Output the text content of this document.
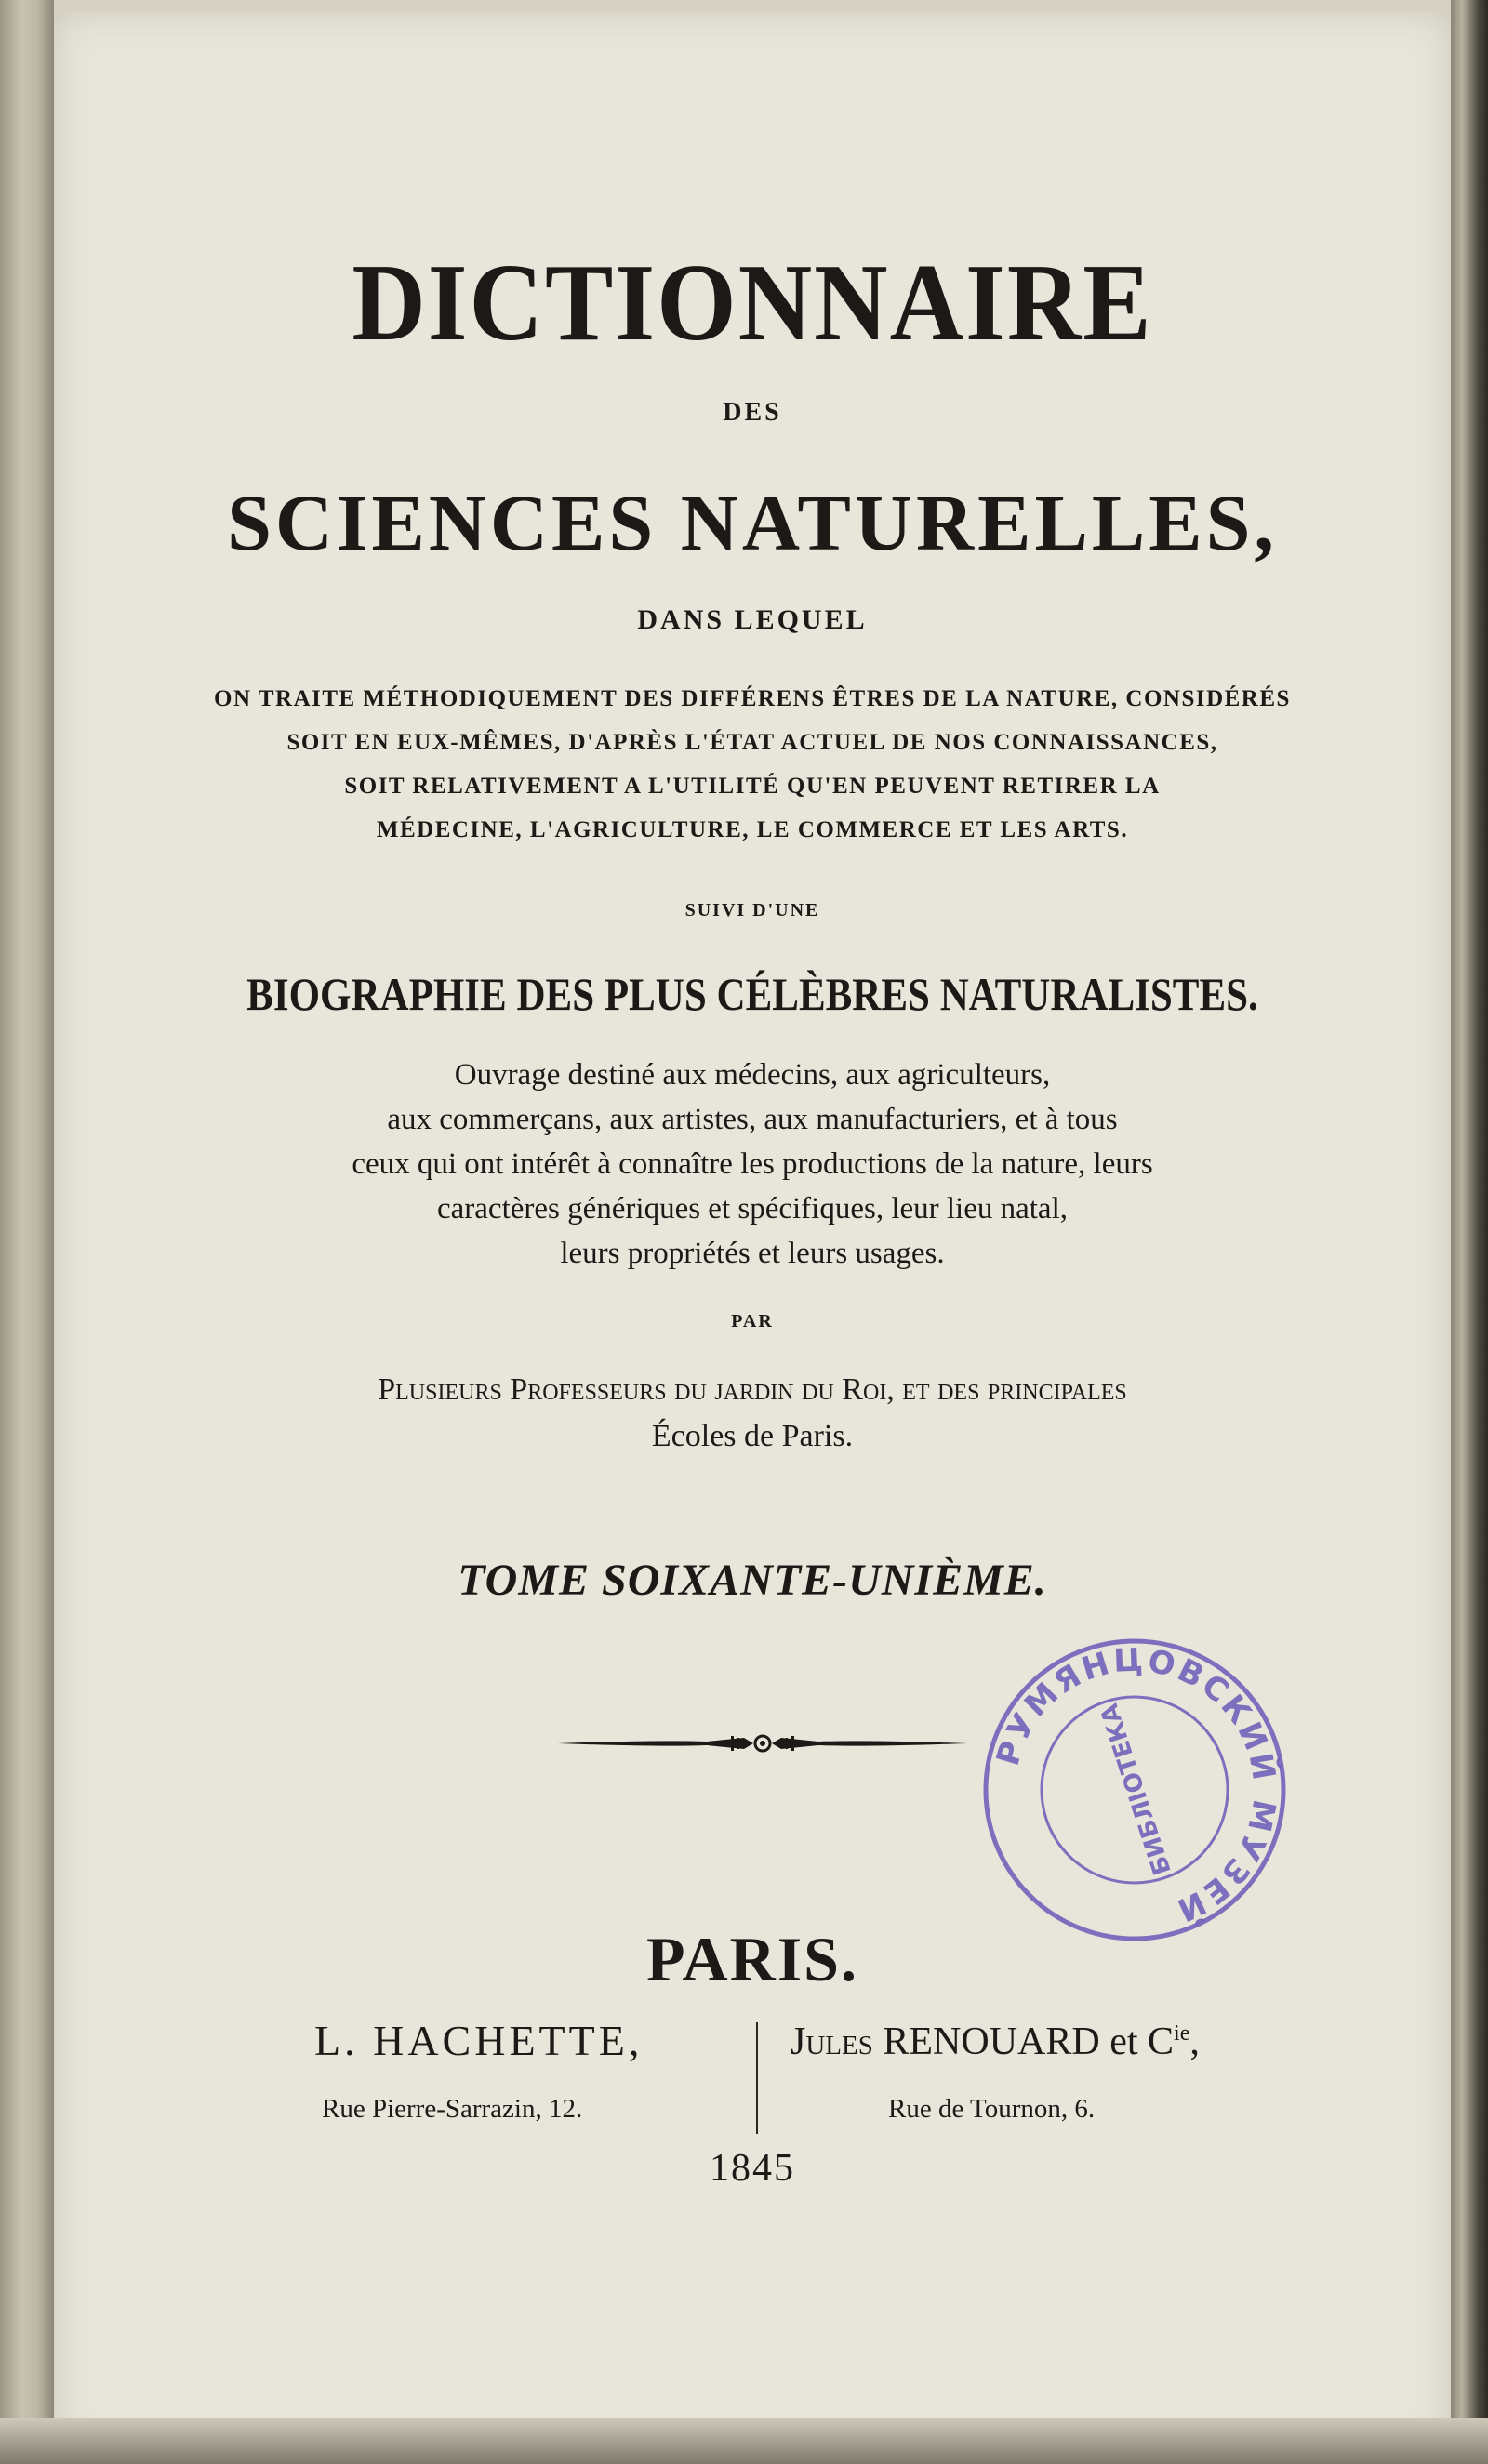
DICTIONNAIRE
DES
SCIENCES NATURELLES,
DANS LEQUEL
ON TRAITE MÉTHODIQUEMENT DES DIFFÉRENS ÊTRES DE LA NATURE, CONSIDÉRÉS
SOIT EN EUX-MÊMES, D'APRÈS L'ÉTAT ACTUEL DE NOS CONNAISSANCES,
SOIT RELATIVEMENT A L'UTILITÉ QU'EN PEUVENT RETIRER LA
MÉDECINE, L'AGRICULTURE, LE COMMERCE ET LES ARTS.
SUIVI D'UNE
BIOGRAPHIE DES PLUS CÉLÈBRES NATURALISTES.
Ouvrage destiné aux médecins, aux agriculteurs,
aux commerçans, aux artistes, aux manufacturiers, et à tous
ceux qui ont intérêt à connaître les productions de la nature, leurs
caractères génériques et spécifiques, leur lieu natal,
leurs propriétés et leurs usages.
PAR
Plusieurs Professeurs du jardin du Roi, et des principales
Écoles de Paris.
TOME SOIXANTE-UNIÈME.
РУМЯНЦОВСКИЙ МУЗЕЙ
БИБЛІОТЕКА
PARIS.
L. HACHETTE,
Rue Pierre-Sarrazin, 12.
Jules RENOUARD et $C^{ie}$,
Rue de Tournon, 6.
1845
